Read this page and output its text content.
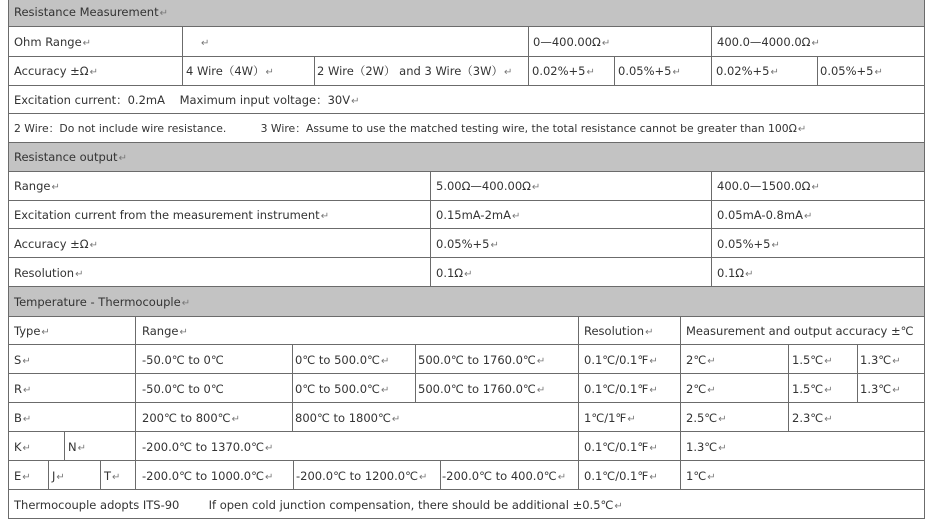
Resistance Measurement↵
Ohm Range↵	↵	0—400.00Ω↵	400.0—4000.0Ω↵
Accuracy ±Ω↵	4 Wire（4W）↵	2 Wire（2W） and 3 Wire（3W）↵ 0.02%+5↵ 0.05%+5↵	0.02%+5↵	0.05%+5↵
Excitation current：0.2mA    Maximum input voltage：30V↵
2 Wire：Do not include wire resistance.          3 Wire：Assume to use the matched testing wire, the total resistance cannot be greater than 100Ω↵
Resistance output↵
Range↵	5.00Ω—400.00Ω↵	400.0—1500.0Ω↵
Excitation current from the measurement instrument↵	0.15mA-2mA↵	0.05mA-0.8mA↵
Accuracy ±Ω↵	0.05%+5↵	0.05%+5↵
Resolution↵	0.1Ω↵	0.1Ω↵
Temperature - Thermocouple↵
Type↵	Range↵	Resolution↵	Measurement and output accuracy ±℃
S↵	-50.0℃ to 0℃	0℃ to 500.0℃↵ 500.0℃ to 1760.0℃↵	0.1℃/0.1℉↵ 2℃↵	1.5℃↵ 1.3℃↵
R↵	-50.0℃ to 0℃	0℃ to 500.0℃↵ 500.0℃ to 1760.0℃↵	0.1℃/0.1℉↵ 2℃↵	1.5℃↵ 1.3℃↵
B↵	200℃ to 800℃↵	800℃ to 1800℃↵	1℃/1℉↵	2.5℃↵	2.3℃↵
K↵	N↵	-200.0℃ to 1370.0℃↵	0.1℃/0.1℉↵ 1.3℃↵
E↵ J↵	T↵ -200.0℃ to 1000.0℃↵ -200.0℃ to 1200.0℃↵ -200.0℃ to 400.0℃↵ 0.1℃/0.1℉↵ 1℃↵
Thermocouple adopts ITS-90        If open cold junction compensation, there should be additional ±0.5℃↵
